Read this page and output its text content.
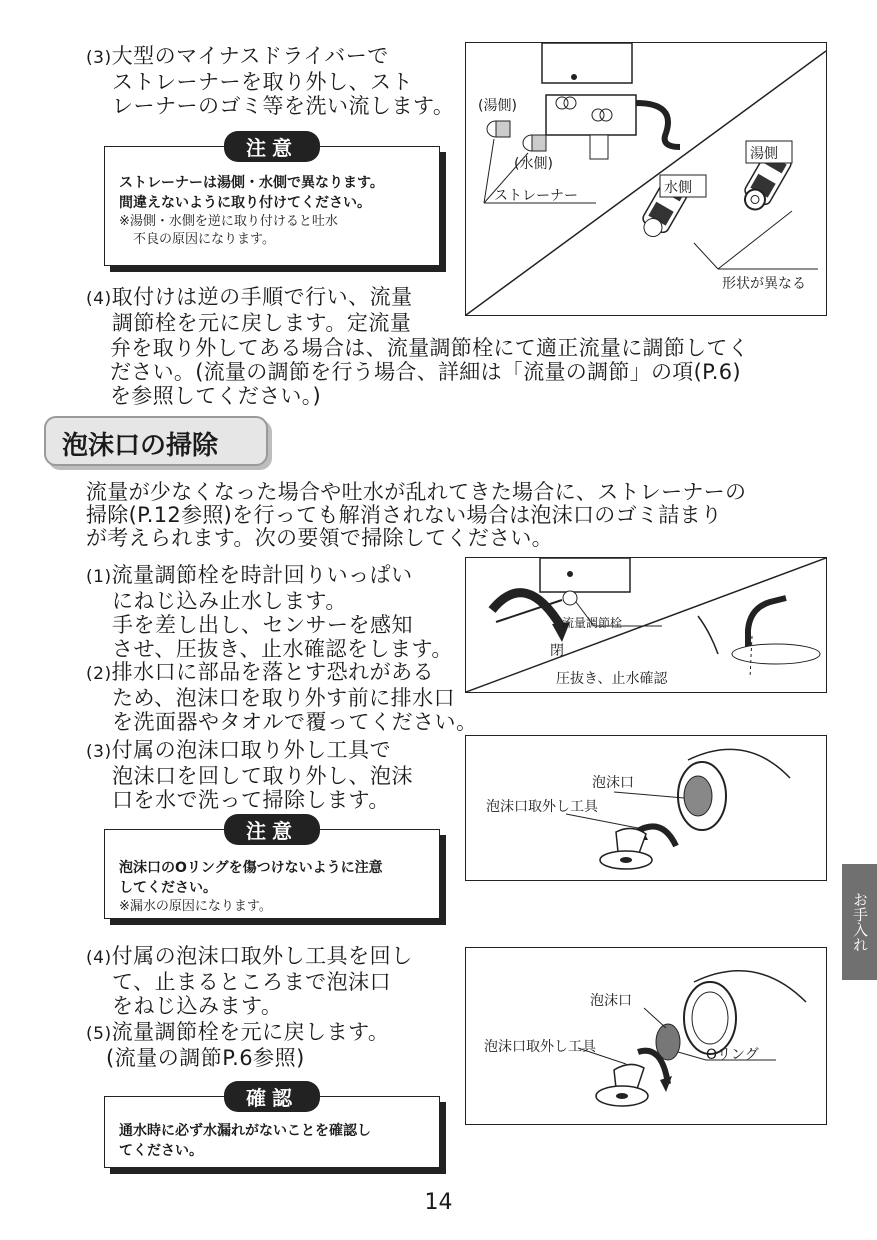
(3)大型のマイナスドライバーで
ストレーナーを取り外し、スト
レーナーのゴミ等を洗い流します。
注意
ストレーナーは湯側・水側で異なります。
間違えないように取り付けてください。
※湯側・水側を逆に取り付けると吐水
不良の原因になります。
(湯側)
(水側)
ストレーナー
湯側
水側
形状が異なる
(4)取付けは逆の手順で行い、流量
調節栓を元に戻します。定流量
弁を取り外してある場合は、流量調節栓にて適正流量に調節してく
ださい。(流量の調節を行う場合、詳細は「流量の調節」の項(P.6)
を参照してください。)
泡沫口の掃除
流量が少なくなった場合や吐水が乱れてきた場合に、ストレーナーの
掃除(P.12参照)を行っても解消されない場合は泡沫口のゴミ詰まり
が考えられます。次の要領で掃除してください。
(1)流量調節栓を時計回りいっぱい
にねじ込み止水します。
手を差し出し、センサーを感知
させ、圧抜き、止水確認をします。
(2)排水口に部品を落とす恐れがある
ため、泡沫口を取り外す前に排水口
を洗面器やタオルで覆ってください。
流量調節栓
閉
圧抜き、止水確認
(3)付属の泡沫口取り外し工具で
泡沫口を回して取り外し、泡沫
口を水で洗って掃除します。
注意
泡沫口のOリングを傷つけないように注意
してください。
※漏水の原因になります。
泡沫口
泡沫口取外し工具
(4)付属の泡沫口取外し工具を回し
て、止まるところまで泡沫口
をねじ込みます。
(5)流量調節栓を元に戻します。
(流量の調節P.6参照)
確認
通水時に必ず水漏れがないことを確認し
てください。
泡沫口
泡沫口取外し工具	Oリング
お手入れ
14
